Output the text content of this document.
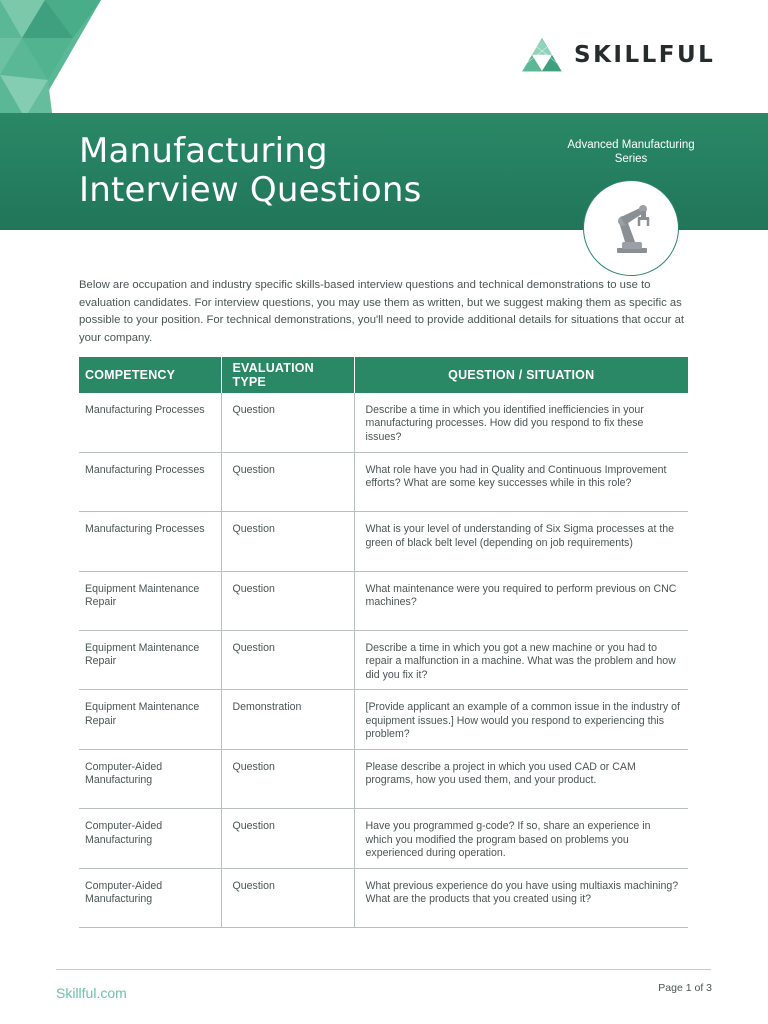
SKILLFUL
Manufacturing
Interview Questions
Advanced Manufacturing
Series

Below are occupation and industry specific skills-based interview questions and technical demonstrations to use to evaluation candidates. For interview questions, you may use them as written, but we suggest making them as specific as possible to your position. For technical demonstrations, you'll need to provide additional details for situations that occur at your company.

COMPETENCY	EVALUATION TYPE	QUESTION / SITUATION
Manufacturing Processes	Question	Describe a time in which you identified inefficiencies in your manufacturing processes. How did you respond to fix these issues?
Manufacturing Processes	Question	What role have you had in Quality and Continuous Improvement efforts? What are some key successes while in this role?
Manufacturing Processes	Question	What is your level of understanding of Six Sigma processes at the green of black belt level (depending on job requirements)
Equipment Maintenance Repair	Question	What maintenance were you required to perform previous on CNC machines?
Equipment Maintenance Repair	Question	Describe a time in which you got a new machine or you had to repair a malfunction in a machine. What was the problem and how did you fix it?
Equipment Maintenance Repair	Demonstration	[Provide applicant an example of a common issue in the industry of equipment issues.] How would you respond to experiencing this problem?
Computer-Aided Manufacturing	Question	Please describe a project in which you used CAD or CAM programs, how you used them, and your product.
Computer-Aided Manufacturing	Question	Have you programmed g-code? If so, share an experience in which you modified the program based on problems you experienced during operation.
Computer-Aided Manufacturing	Question	What previous experience do you have using multiaxis machining? What are the products that you created using it?
Skillful.com	Page 1 of 3
